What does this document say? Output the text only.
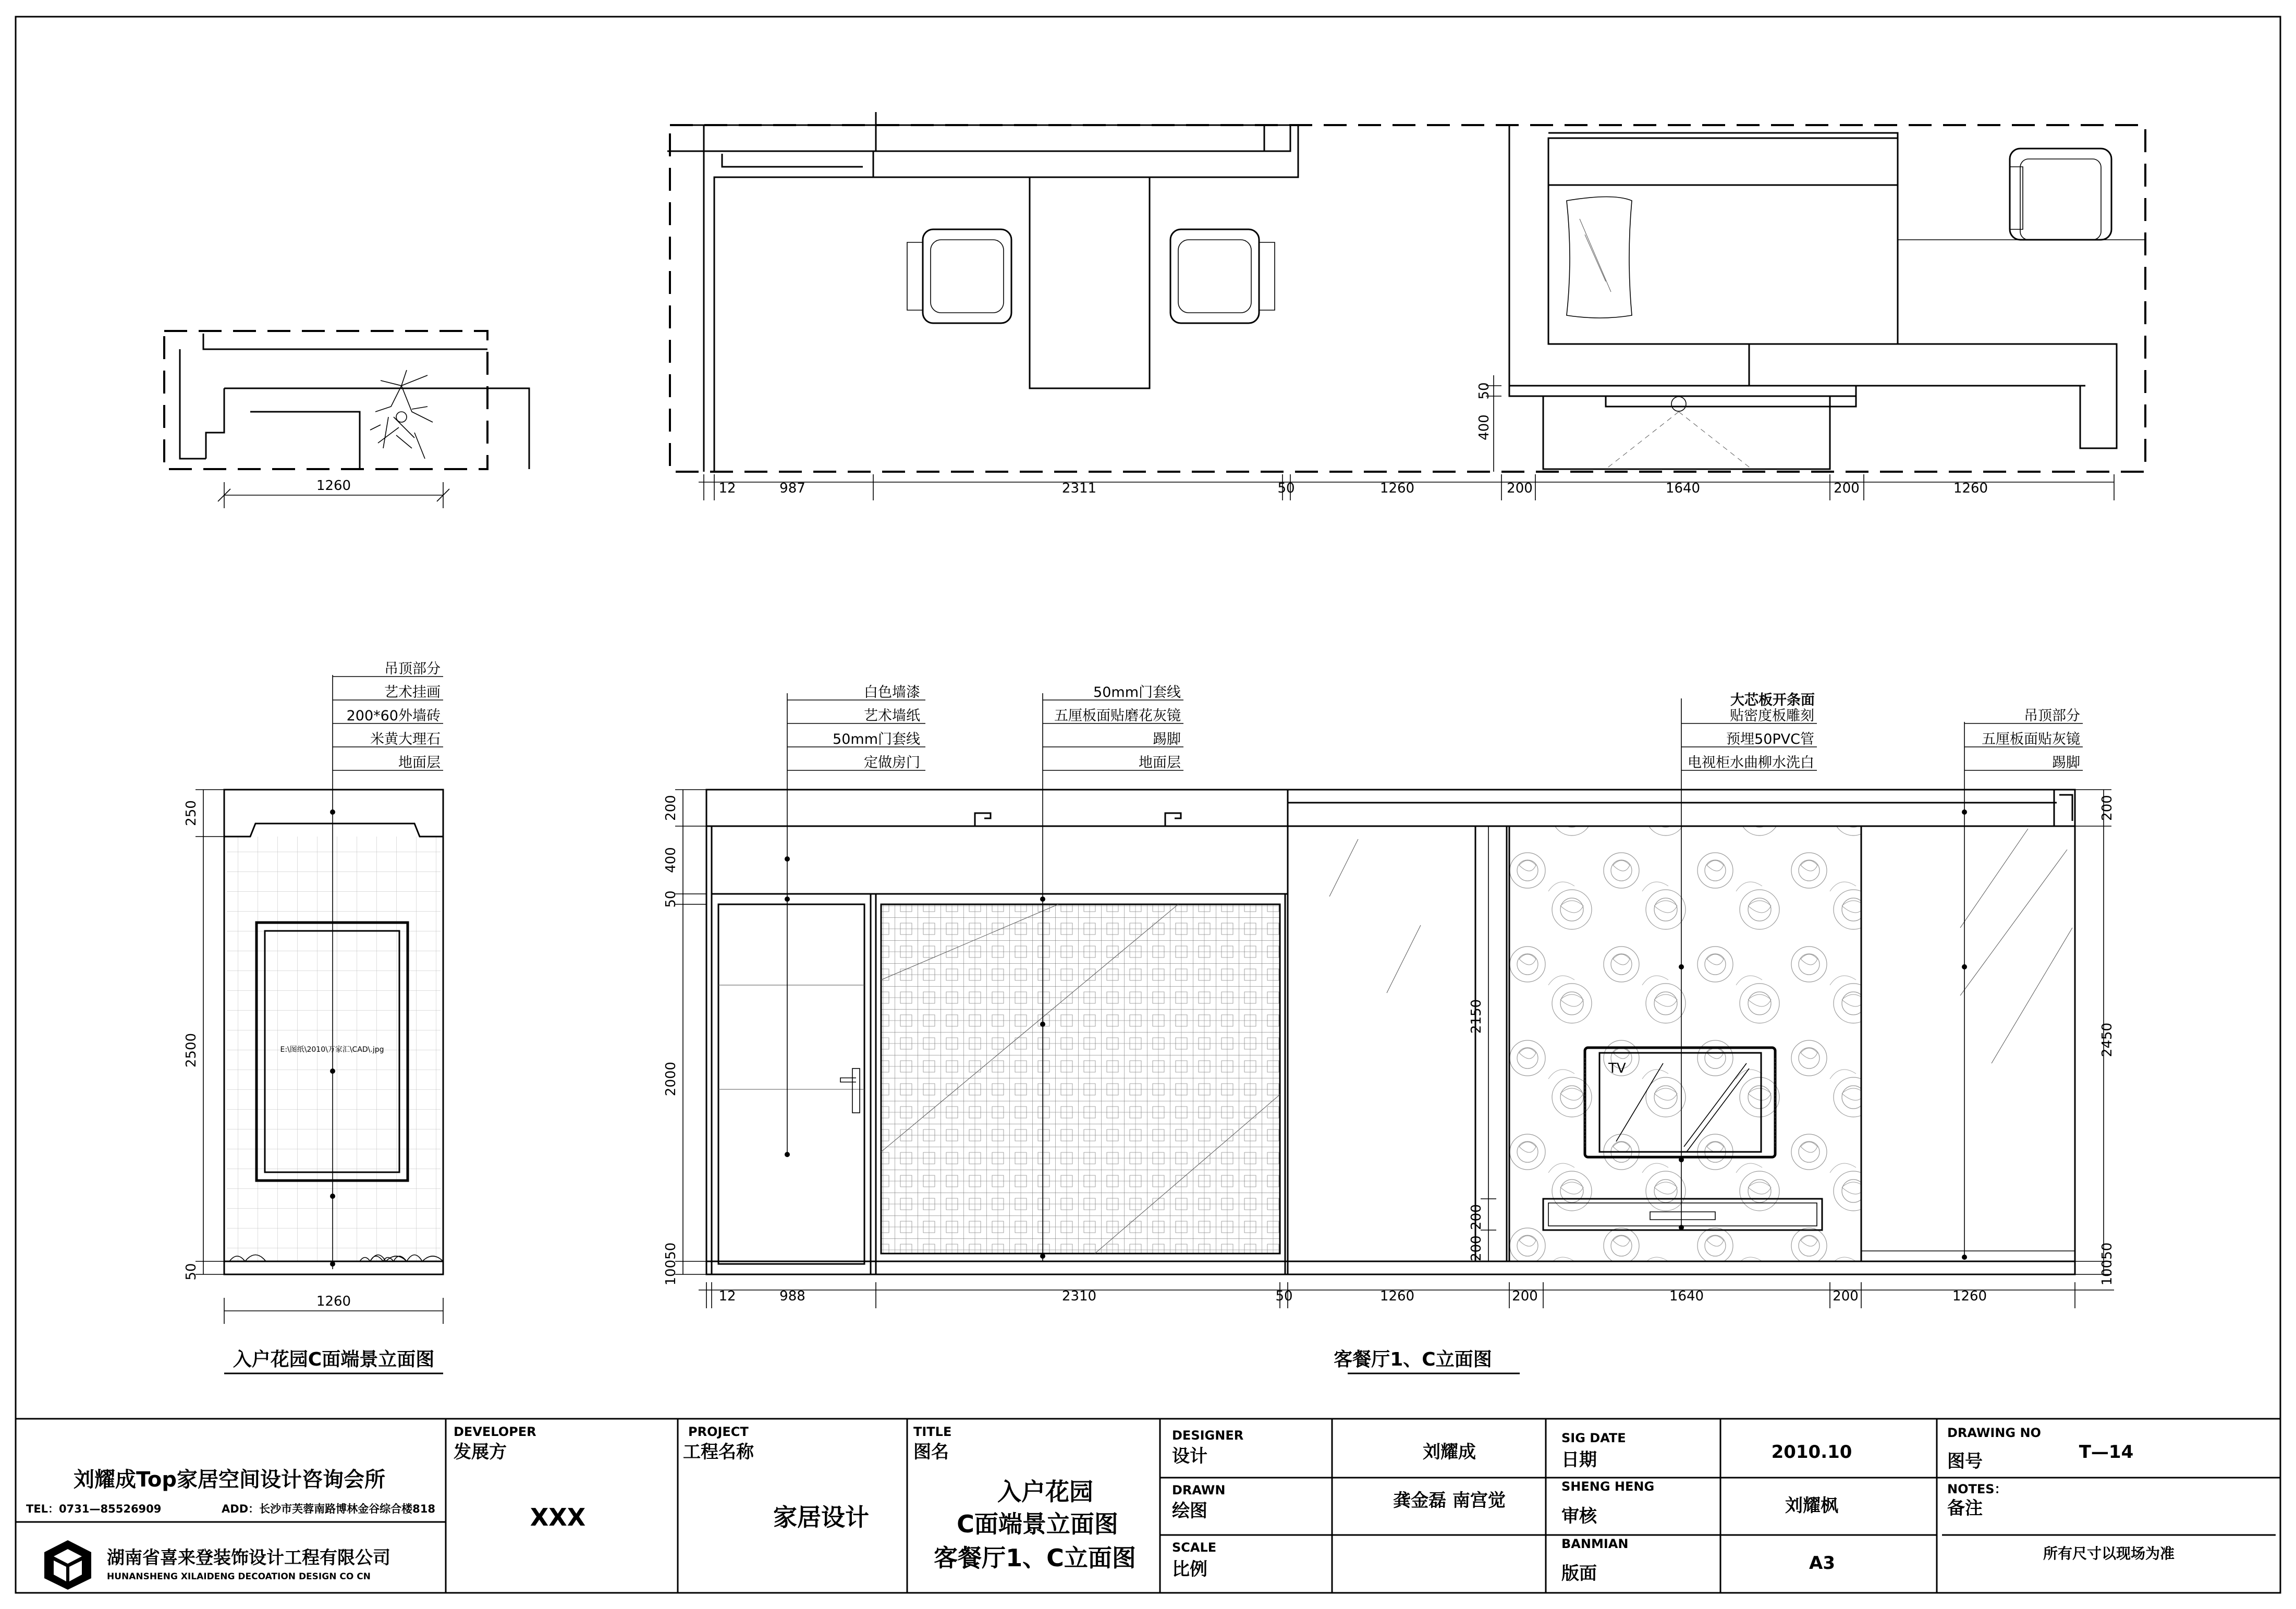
1260
50
400
12	987	2311	50	1260	200	1640	200	1260
E:\图纸\2010\万家汇\CAD\.jpg
吊顶部分
艺术挂画
200*60外墙砖
米黄大理石
地面层
250
2500
50
1260
入户花园C面端景立面图
TV
白色墙漆
艺术墙纸
50mm门套线
定做房门
50mm门套线
五厘板面贴磨花灰镜
踢脚
地面层
大芯板开条面
贴密度板雕刻
预埋50PVC管
电视柜水曲柳水洗白
吊顶部分
五厘板面贴灰镜
踢脚
200
400
50
2000
10050
2150
200
200
200
2450
10050
12	988	2310	50	1260	200	1640	200	1260
客餐厅1、C立面图
刘耀成Top家居空间设计咨询会所
TEL：0731—85526909	ADD：长沙市芙蓉南路博林金谷综合楼818
湖南省喜来登装饰设计工程有限公司
HUNANSHENG XILAIDENG DECOATION DESIGN CO CN
DEVELOPER
发展方
XXX
PROJECT
工程名称
家居设计
TITLE
图名
入户花园
C面端景立面图
客餐厅1、C立面图
DESIGNER
设计	刘耀成
DRAWN
绘图	龚金磊 南宫觉
SCALE
比例
SIG DATE
日期	2010.10
SHENG HENG
审核	刘耀枫
BANMIAN
版面	A3
DRAWING NO
图号	T—14
NOTES：
备注
所有尺寸以现场为准
